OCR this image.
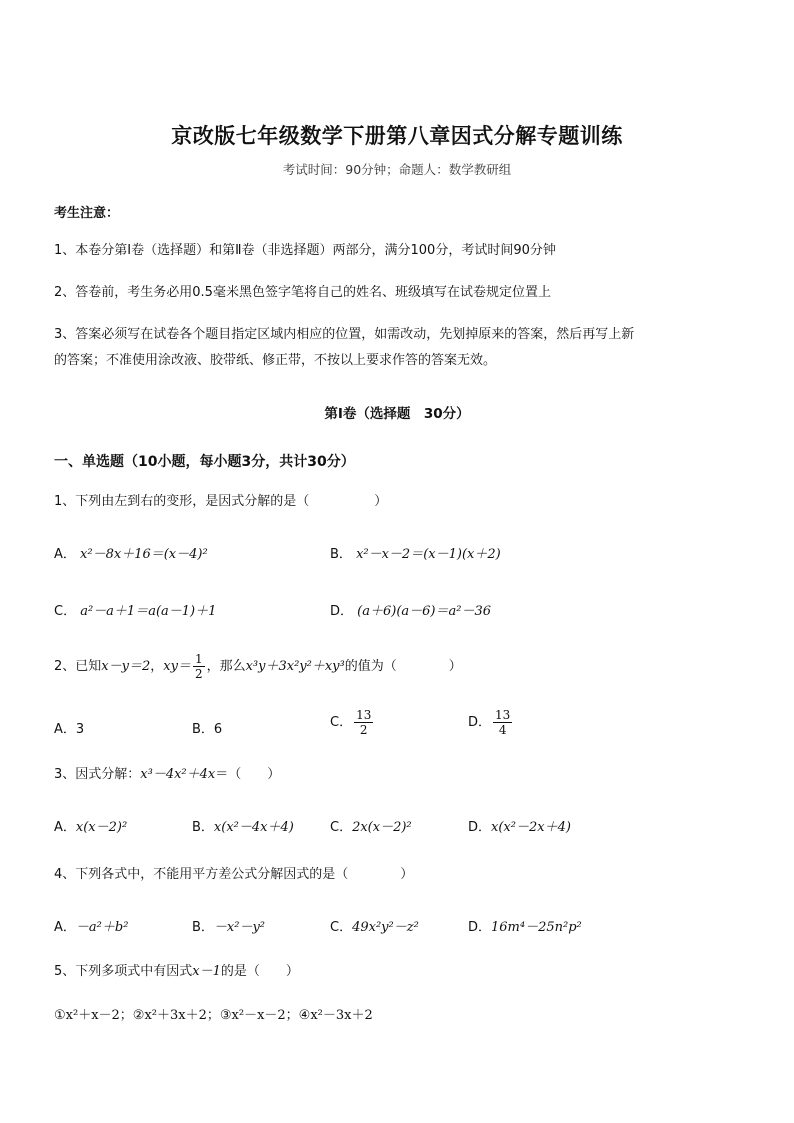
京改版七年级数学下册第八章因式分解专题训练
考试时间：90分钟；命题人：数学教研组
考生注意：
1、本卷分第Ⅰ卷（选择题）和第Ⅱ卷（非选择题）两部分，满分100分，考试时间90分钟
2、答卷前，考生务必用0.5毫米黑色签字笔将自己的姓名、班级填写在试卷规定位置上
3、答案必须写在试卷各个题目指定区域内相应的位置，如需改动，先划掉原来的答案，然后再写上新
的答案；不准使用涂改液、胶带纸、修正带，不按以上要求作答的答案无效。
第Ⅰ卷（选择题　30分）
一、单选题（10小题，每小题3分，共计30分）
1、下列由左到右的变形，是因式分解的是（　　　　　）
A． x²－8x＋16＝(x－4)²	B． x²－x－2＝(x－1)(x＋2)
C． a²－a＋1＝a(a－1)＋1	D． (a＋6)(a－6)＝a²－36
2、已知x－y＝2，$xy= \frac{1}{2}$ ，那么x³y＋3x²y²＋xy³的值为（　　　　）
A．3	B．6	C． $\frac{13}{2}$	D． $\frac{13}{4}$
3、因式分解：x³－4x²＋4x＝（　　）
A．x(x－2)²	B．x(x²－4x＋4)	C．2x(x－2)²	D．x(x²－2x＋4)
4、下列各式中，不能用平方差公式分解因式的是（　　　　）
A．－a²＋b²	B．－x²－y²	C．49x²y²－z²	D．16m⁴－25n²p²
5、下列多项式中有因式x－1的是（　　）
①x²＋x－2；②x²＋3x＋2；③x²－x－2；④x²－3x＋2
